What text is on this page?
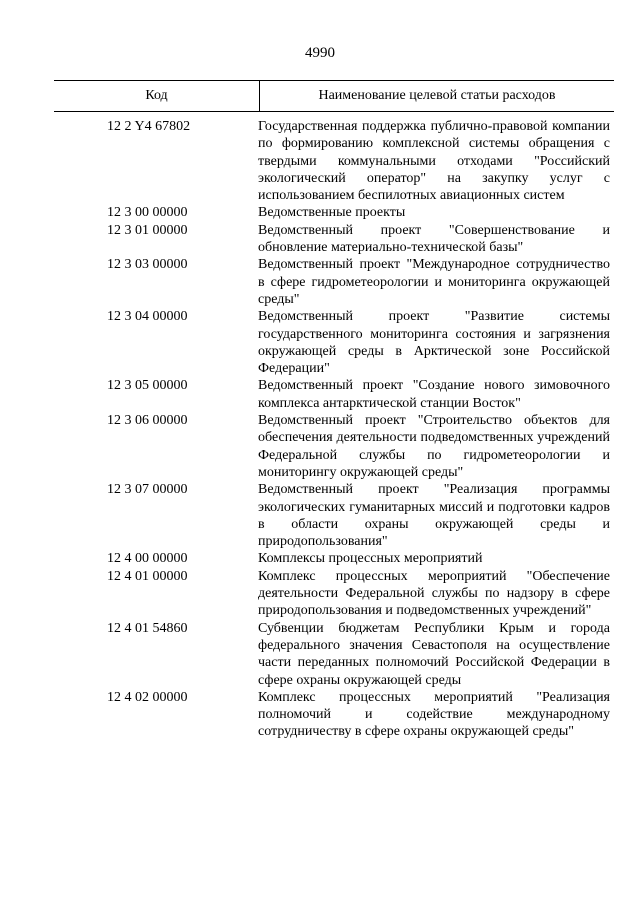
4990
Код	Наименование целевой статьи расходов
12 2 Y4 67802	Государственная поддержка публично-правовой компании по формированию комплексной системы обращения с твердыми коммунальными отходами "Российский экологический оператор" на закупку услуг с использованием беспилотных авиационных систем
12 3 00 00000	Ведомственные проекты
12 3 01 00000	Ведомственный проект "Совершенствование и обновление материально-технической базы"
12 3 03 00000	Ведомственный проект "Международное сотрудничество в сфере гидрометеорологии и мониторинга окружающей среды"
12 3 04 00000	Ведомственный проект "Развитие системы государственного мониторинга состояния и загрязнения окружающей среды в Арктической зоне Российской Федерации"
12 3 05 00000	Ведомственный проект "Создание нового зимовочного комплекса антарктической станции Восток"
12 3 06 00000	Ведомственный проект "Строительство объектов для обеспечения деятельности подведомственных учреждений Федеральной службы по гидрометеорологии и мониторингу окружающей среды"
12 3 07 00000	Ведомственный проект "Реализация программы экологических гуманитарных миссий и подготовки кадров в области охраны окружающей среды и природопользования"
12 4 00 00000	Комплексы процессных мероприятий
12 4 01 00000	Комплекс процессных мероприятий "Обеспечение деятельности Федеральной службы по надзору в сфере природопользования и подведомственных учреждений"
12 4 01 54860	Субвенции бюджетам Республики Крым и города федерального значения Севастополя на осуществление части переданных полномочий Российской Федерации в сфере охраны окружающей среды
12 4 02 00000	Комплекс процессных мероприятий "Реализация полномочий и содействие международному сотрудничеству в сфере охраны окружающей среды"
